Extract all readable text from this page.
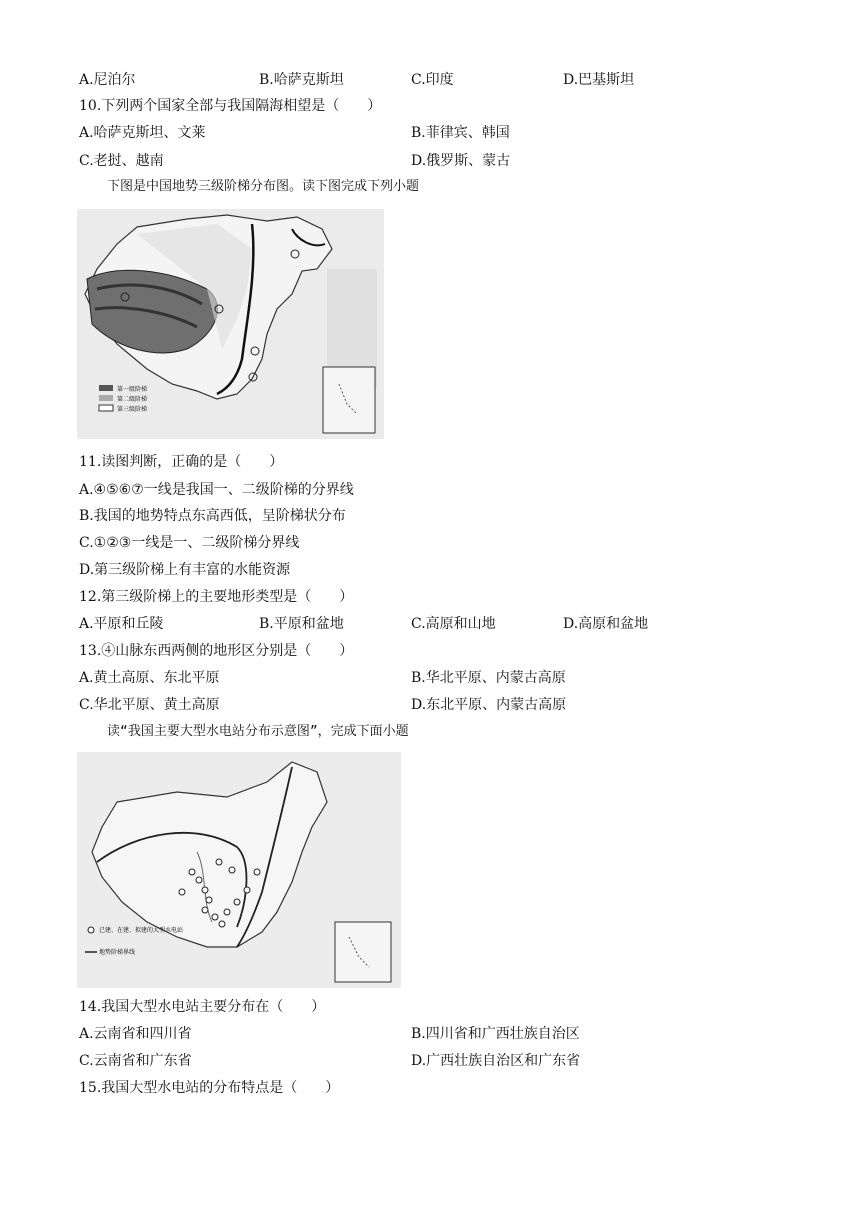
A.尼泊尔	B.哈萨克斯坦	C.印度	D.巴基斯坦
10.下列两个国家全部与我国隔海相望是（　　）
A.哈萨克斯坦、文莱	B.菲律宾、韩国
C.老挝、越南	D.俄罗斯、蒙古
下图是中国地势三级阶梯分布图。读下图完成下列小题
第一级阶梯
第二级阶梯
第三级阶梯
11.读图判断，正确的是（　　）
A.④⑤⑥⑦一线是我国一、二级阶梯的分界线
B.我国的地势特点东高西低，呈阶梯状分布
C.①②③一线是一、二级阶梯分界线
D.第三级阶梯上有丰富的水能资源
12.第三级阶梯上的主要地形类型是（　　）
A.平原和丘陵	B.平原和盆地	C.高原和山地	D.高原和盆地
13.④山脉东西两侧的地形区分别是（　　）
A.黄土高原、东北平原	B.华北平原、内蒙古高原
C.华北平原、黄土高原	D.东北平原、内蒙古高原
读“我国主要大型水电站分布示意图”，完成下面小题
已建、在建、拟建的大型水电站
地势阶梯界线
14.我国大型水电站主要分布在（　　）
A.云南省和四川省	B.四川省和广西壮族自治区
C.云南省和广东省	D.广西壮族自治区和广东省
15.我国大型水电站的分布特点是（　　）
